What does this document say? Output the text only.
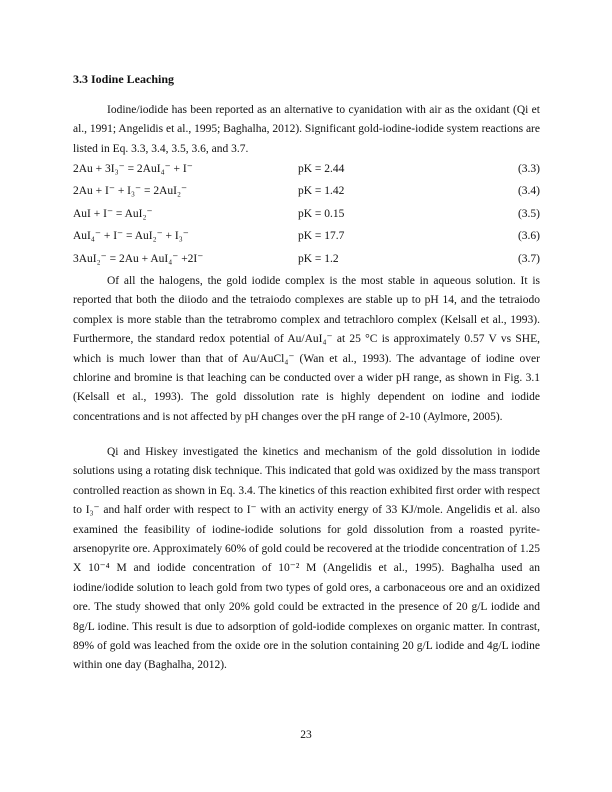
3.3 Iodine Leaching

Iodine/iodide has been reported as an alternative to cyanidation with air as the oxidant (Qi et al., 1991; Angelidis et al., 1995; Baghalha, 2012). Significant gold-iodine-iodide system reactions are listed in Eq. 3.3, 3.4, 3.5, 3.6, and 3.7.

2Au + 3I₃⁻ = 2AuI₄⁻ + I⁻	pK = 2.44	(3.3)
2Au + I⁻ + I₃⁻ = 2AuI₂⁻	pK = 1.42	(3.4)
AuI + I⁻ = AuI₂⁻	pK = 0.15	(3.5)
AuI₄⁻ + I⁻ = AuI₂⁻ + I₃⁻	pK = 17.7	(3.6)
3AuI₂⁻ = 2Au + AuI₄⁻ +2I⁻	pK = 1.2	(3.7)

Of all the halogens, the gold iodide complex is the most stable in aqueous solution. It is reported that both the diiodo and the tetraiodo complexes are stable up to pH 14, and the tetraiodo complex is more stable than the tetrabromo complex and tetrachloro complex (Kelsall et al., 1993). Furthermore, the standard redox potential of Au/AuI₄⁻ at 25 °C is approximately 0.57 V vs SHE, which is much lower than that of Au/AuCl₄⁻ (Wan et al., 1993). The advantage of iodine over chlorine and bromine is that leaching can be conducted over a wider pH range, as shown in Fig. 3.1 (Kelsall et al., 1993). The gold dissolution rate is highly dependent on iodine and iodide concentrations and is not affected by pH changes over the pH range of 2-10 (Aylmore, 2005).

Qi and Hiskey investigated the kinetics and mechanism of the gold dissolution in iodide solutions using a rotating disk technique. This indicated that gold was oxidized by the mass transport controlled reaction as shown in Eq. 3.4. The kinetics of this reaction exhibited first order with respect to I₃⁻ and half order with respect to I⁻ with an activity energy of 33 KJ/mole. Angelidis et al. also examined the feasibility of iodine-iodide solutions for gold dissolution from a roasted pyrite-arsenopyrite ore. Approximately 60% of gold could be recovered at the triodide concentration of 1.25 X 10⁻⁴ M and iodide concentration of 10⁻² M (Angelidis et al., 1995). Baghalha used an iodine/iodide solution to leach gold from two types of gold ores, a carbonaceous ore and an oxidized ore. The study showed that only 20% gold could be extracted in the presence of 20 g/L iodide and 8g/L iodine. This result is due to adsorption of gold-iodide complexes on organic matter. In contrast, 89% of gold was leached from the oxide ore in the solution containing 20 g/L iodide and 4g/L iodine within one day (Baghalha, 2012).

23
